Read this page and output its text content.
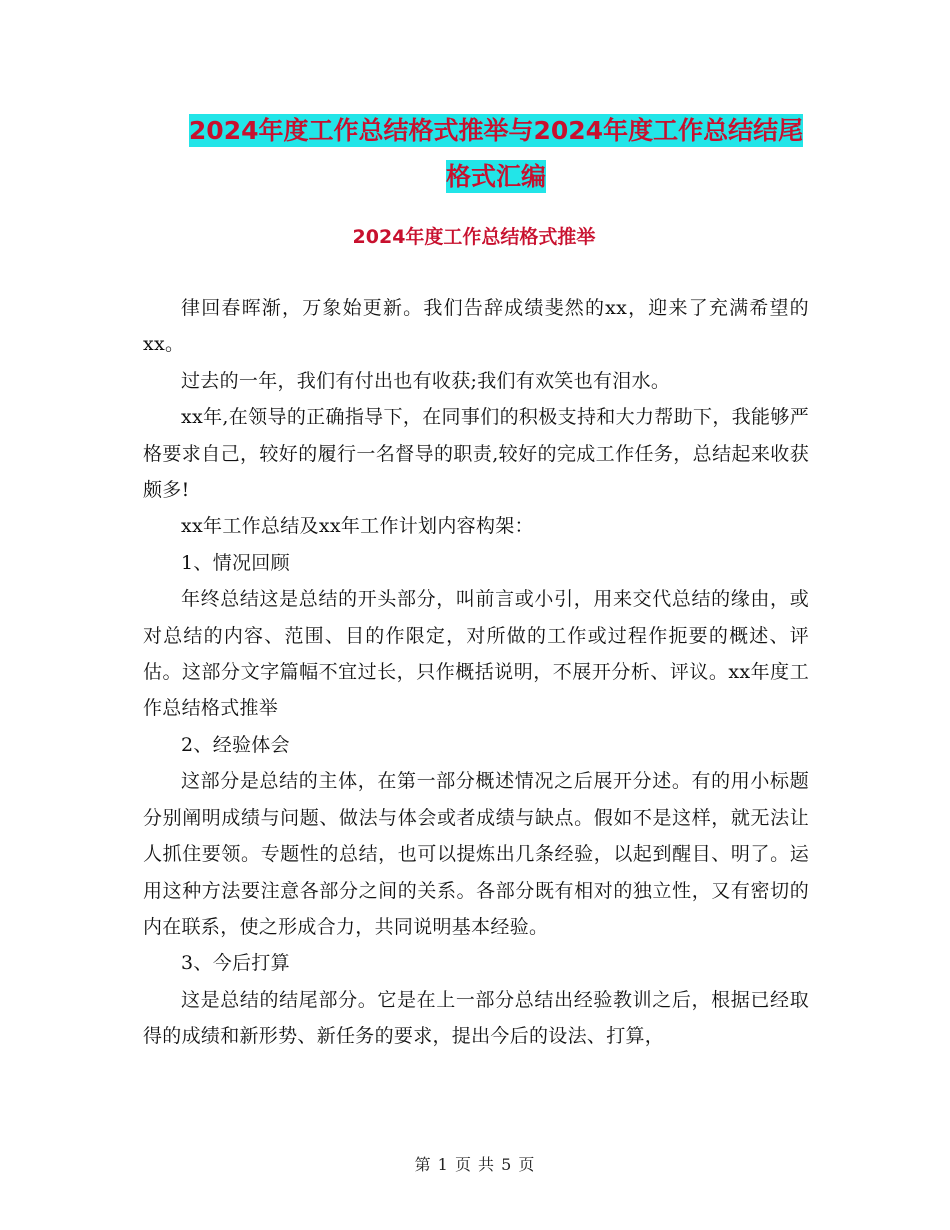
2024年度工作总结格式推举与2024年度工作总结结尾
格式汇编
2024年度工作总结格式推举

律回春晖渐，万象始更新。我们告辞成绩斐然的xx，迎来了充满希望的xx。

过去的一年，我们有付出也有收获;我们有欢笑也有泪水。

xx年,在领导的正确指导下，在同事们的积极支持和大力帮助下，我能够严格要求自己，较好的履行一名督导的职责,较好的完成工作任务，总结起来收获颇多!

xx年工作总结及xx年工作计划内容构架：

1、情况回顾

年终总结这是总结的开头部分，叫前言或小引，用来交代总结的缘由，或对总结的内容、范围、目的作限定，对所做的工作或过程作扼要的概述、评估。这部分文字篇幅不宜过长，只作概括说明，不展开分析、评议。xx年度工作总结格式推举

2、经验体会

这部分是总结的主体，在第一部分概述情况之后展开分述。有的用小标题分别阐明成绩与问题、做法与体会或者成绩与缺点。假如不是这样，就无法让人抓住要领。专题性的总结，也可以提炼出几条经验，以起到醒目、明了。运用这种方法要注意各部分之间的关系。各部分既有相对的独立性，又有密切的内在联系，使之形成合力，共同说明基本经验。

3、今后打算

这是总结的结尾部分。它是在上一部分总结出经验教训之后，根据已经取得的成绩和新形势、新任务的要求，提出今后的设法、打算，

第 1 页 共 5 页
